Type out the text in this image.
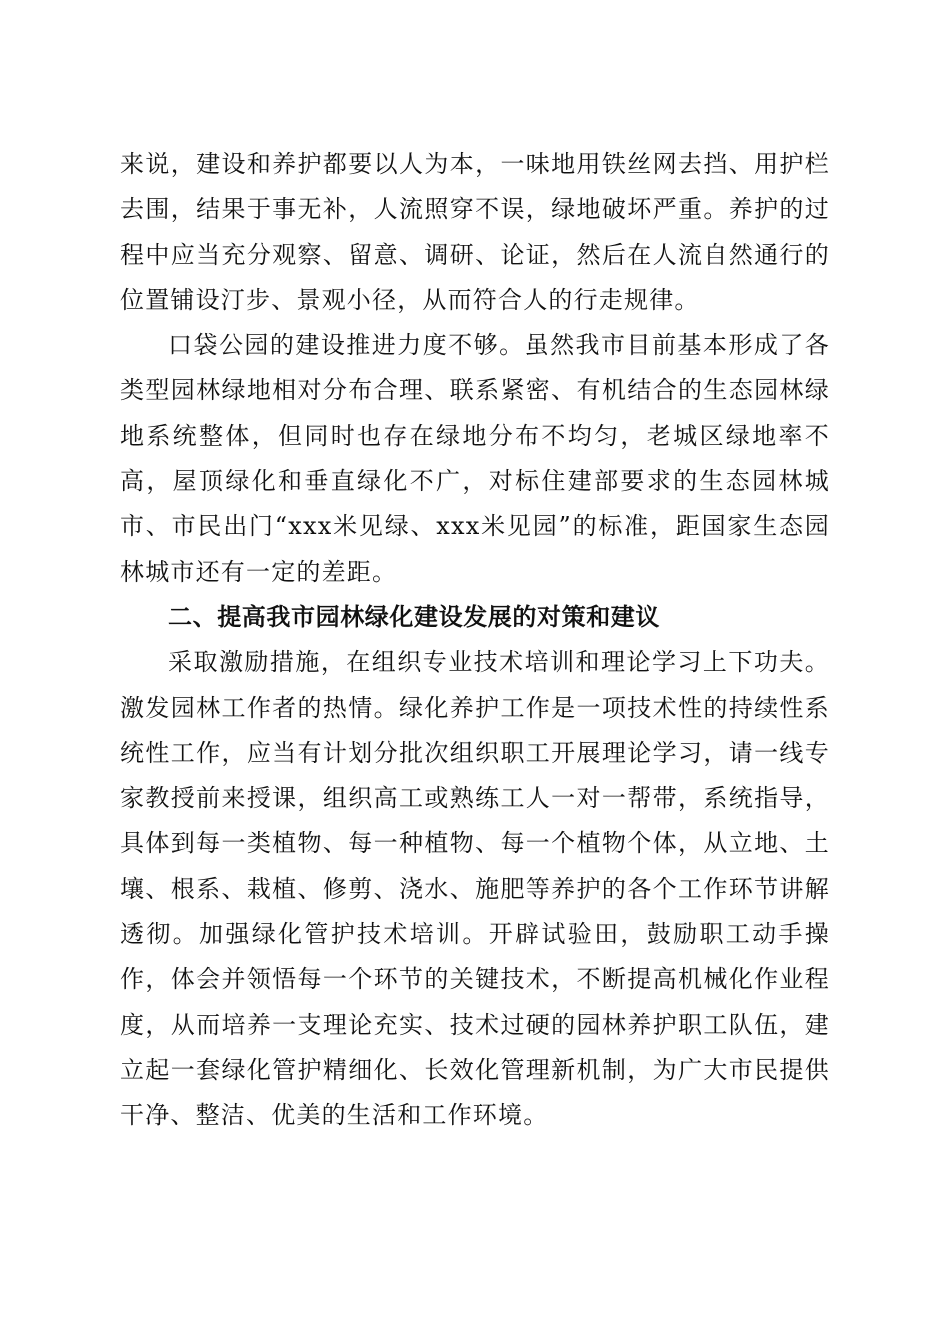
来说，建设和养护都要以人为本，一味地用铁丝网去挡、用护栏去围，结果于事无补，人流照穿不误，绿地破坏严重。养护的过程中应当充分观察、留意、调研、论证，然后在人流自然通行的位置铺设汀步、景观小径，从而符合人的行走规律。

口袋公园的建设推进力度不够。虽然我市目前基本形成了各类型园林绿地相对分布合理、联系紧密、有机结合的生态园林绿地系统整体，但同时也存在绿地分布不均匀，老城区绿地率不高，屋顶绿化和垂直绿化不广，对标住建部要求的生态园林城市、市民出门“xxx米见绿、xxx米见园”的标准，距国家生态园林城市还有一定的差距。

二、提高我市园林绿化建设发展的对策和建议

采取激励措施，在组织专业技术培训和理论学习上下功夫。激发园林工作者的热情。绿化养护工作是一项技术性的持续性系统性工作，应当有计划分批次组织职工开展理论学习，请一线专家教授前来授课，组织高工或熟练工人一对一帮带，系统指导，具体到每一类植物、每一种植物、每一个植物个体，从立地、土壤、根系、栽植、修剪、浇水、施肥等养护的各个工作环节讲解透彻。加强绿化管护技术培训。开辟试验田，鼓励职工动手操作，体会并领悟每一个环节的关键技术，不断提高机械化作业程度，从而培养一支理论充实、技术过硬的园林养护职工队伍，建立起一套绿化管护精细化、长效化管理新机制，为广大市民提供干净、整洁、优美的生活和工作环境。
